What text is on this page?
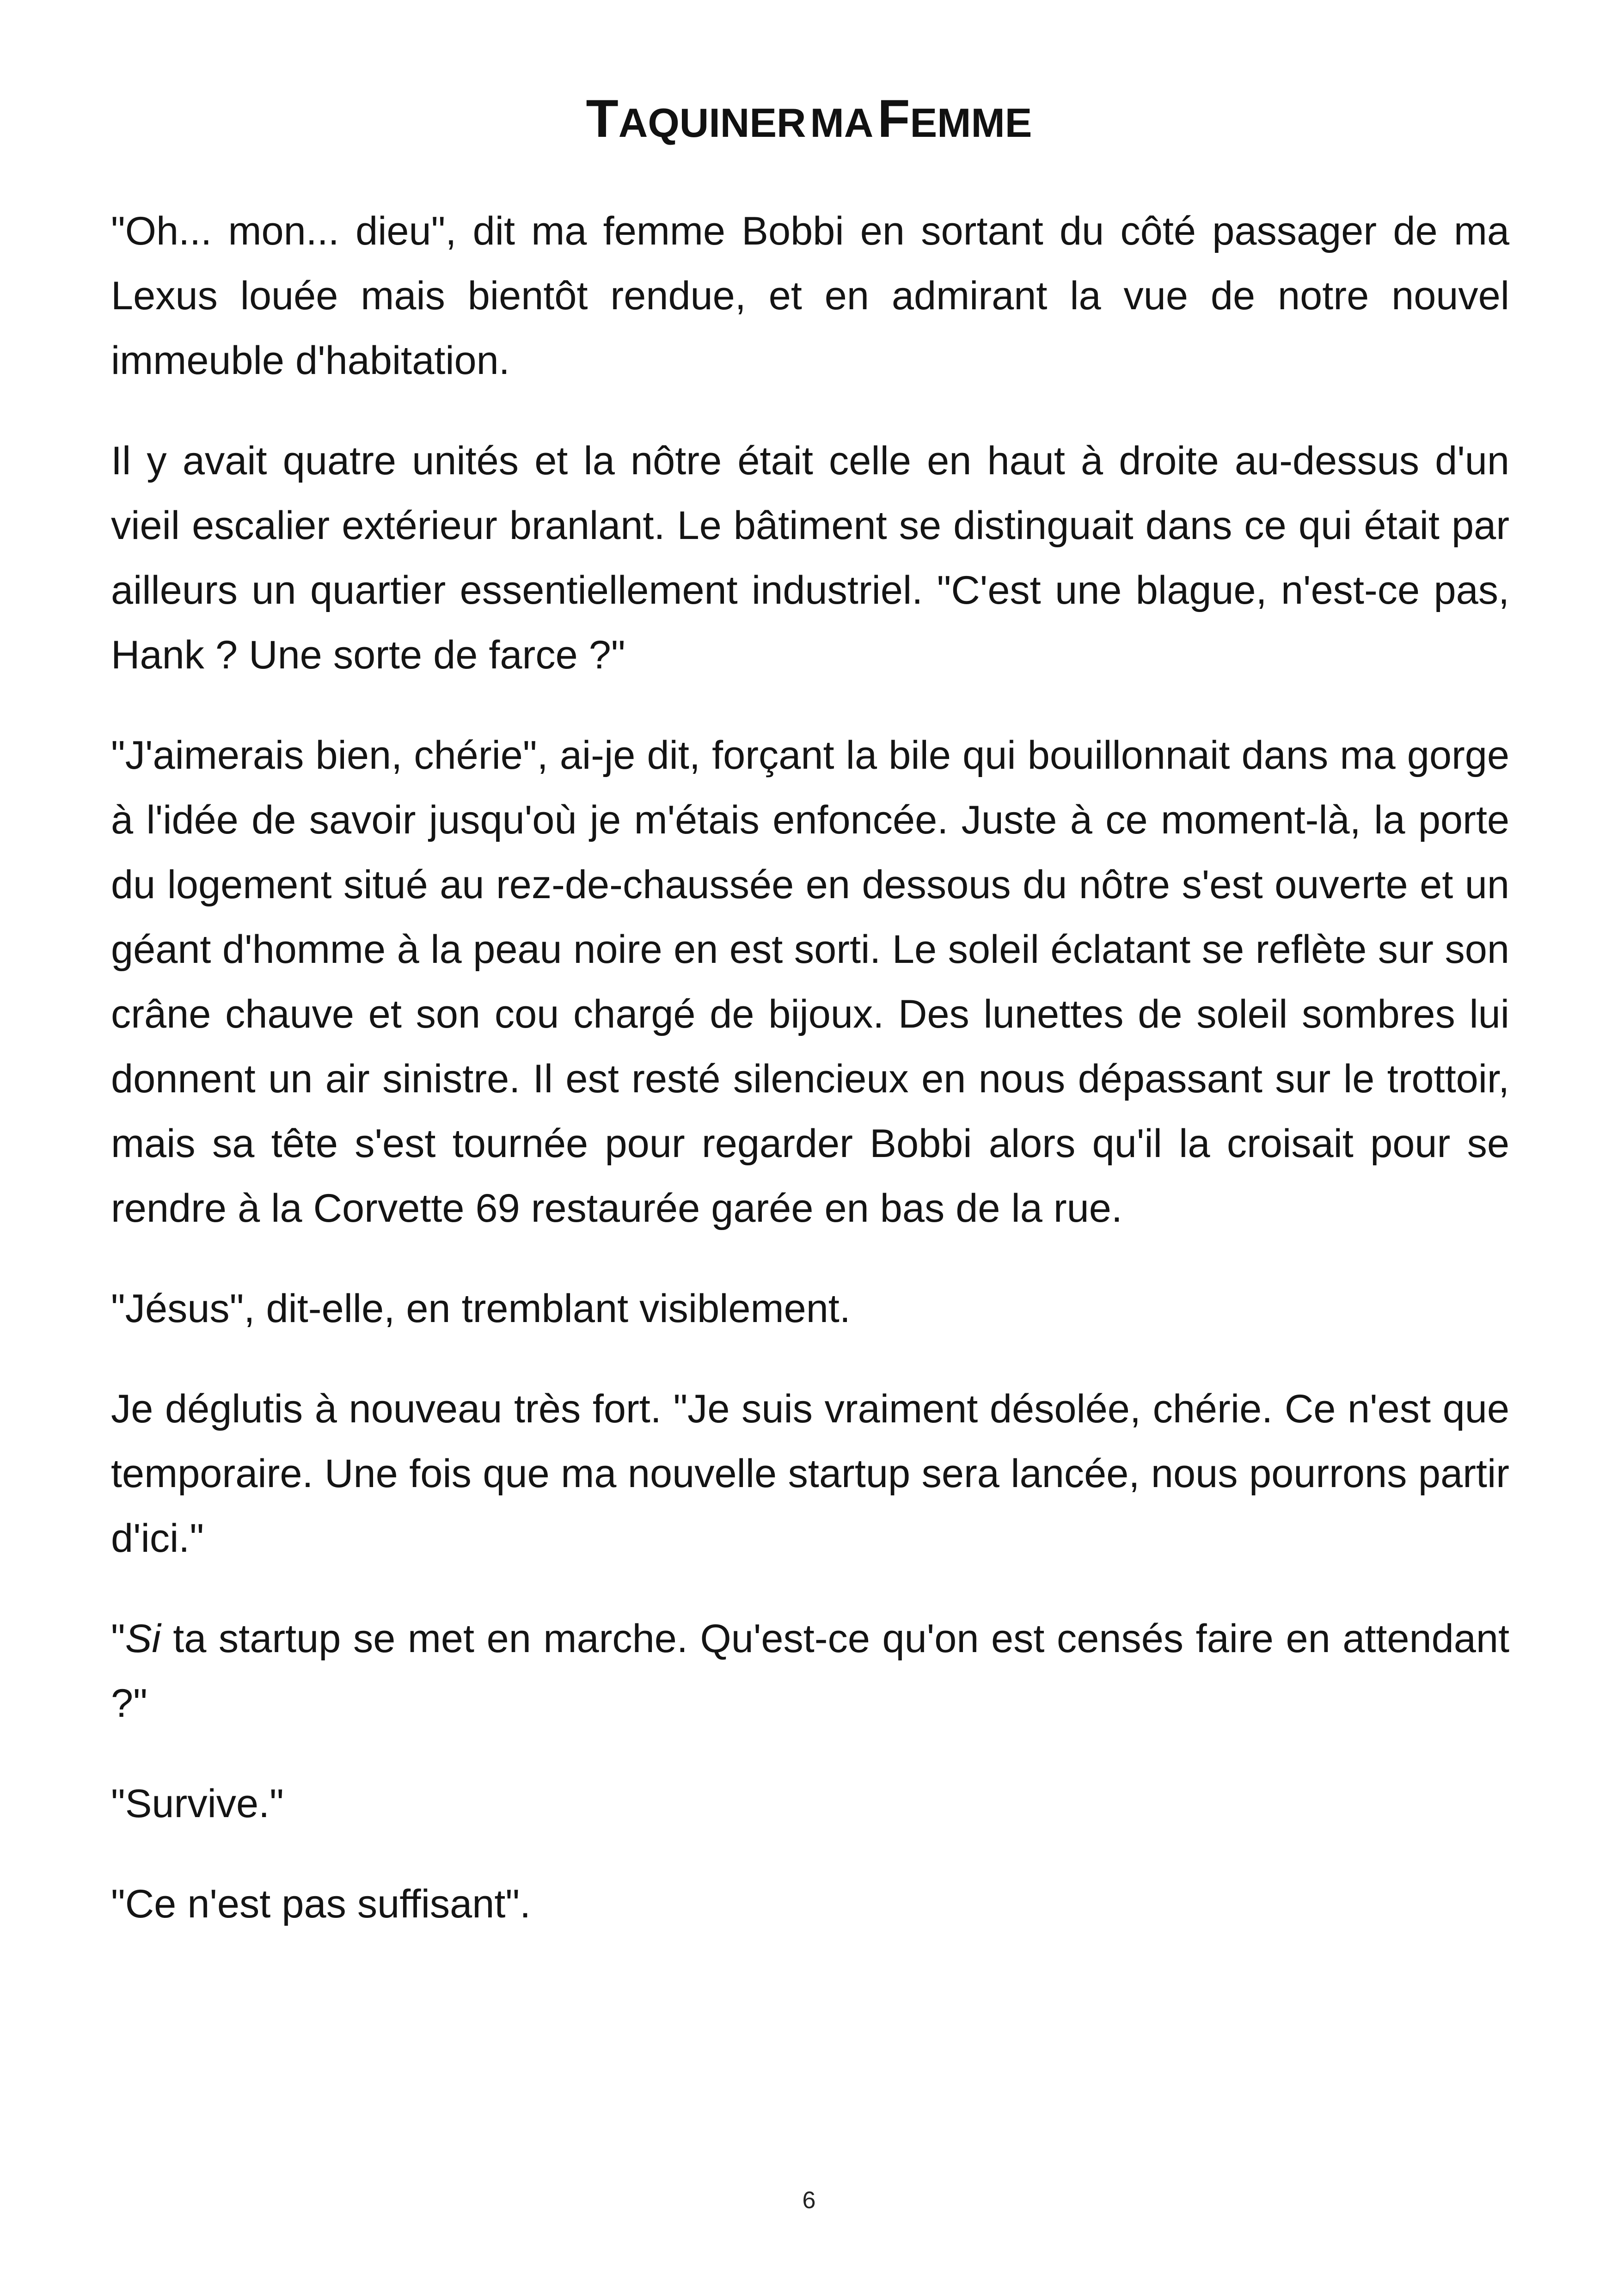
TAQUINER MA FEMME

"Oh... mon... dieu", dit ma femme Bobbi en sortant du côté passager de ma Lexus louée mais bientôt rendue, et en admirant la vue de notre nouvel immeuble d'habitation.

Il y avait quatre unités et la nôtre était celle en haut à droite au-dessus d'un vieil escalier extérieur branlant. Le bâtiment se distinguait dans ce qui était par ailleurs un quartier essentiellement industriel. "C'est une blague, n'est-ce pas, Hank ? Une sorte de farce ?"

"J'aimerais bien, chérie", ai-je dit, forçant la bile qui bouillonnait dans ma gorge à l'idée de savoir jusqu'où je m'étais enfoncée. Juste à ce moment-là, la porte du logement situé au rez-de-chaussée en dessous du nôtre s'est ouverte et un géant d'homme à la peau noire en est sorti. Le soleil éclatant se reflète sur son crâne chauve et son cou chargé de bijoux. Des lunettes de soleil sombres lui donnent un air sinistre. Il est resté silencieux en nous dépassant sur le trottoir, mais sa tête s'est tournée pour regarder Bobbi alors qu'il la croisait pour se rendre à la Corvette 69 restaurée garée en bas de la rue.

"Jésus", dit-elle, en tremblant visiblement.

Je déglutis à nouveau très fort. "Je suis vraiment désolée, chérie. Ce n'est que temporaire. Une fois que ma nouvelle startup sera lancée, nous pourrons partir d'ici."

"Si ta startup se met en marche. Qu'est-ce qu'on est censés faire en attendant ?"

"Survive."

"Ce n'est pas suffisant".

6
